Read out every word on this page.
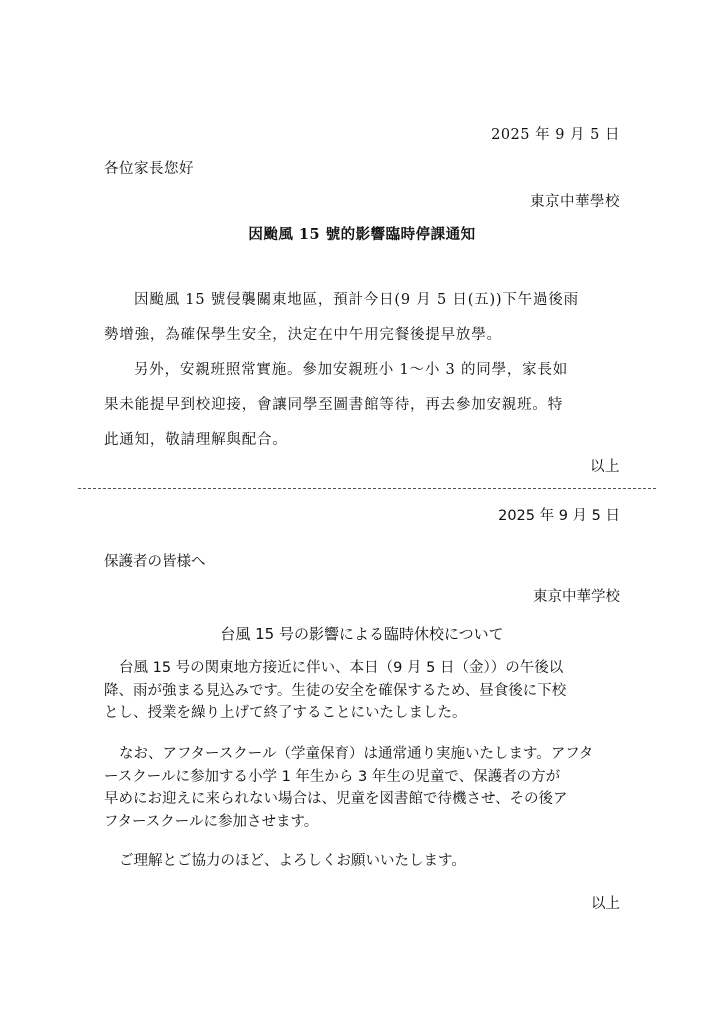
2025 年 9 月 5 日
各位家長您好
東京中華學校
因颱風 15 號的影響臨時停課通知
因颱風 15 號侵襲關東地區，預計今日(9 月 5 日(五))下午過後雨
勢增強，為確保學生安全，決定在中午用完餐後提早放學。
另外，安親班照常實施。參加安親班小 1～小 3 的同學，家長如
果未能提早到校迎接，會讓同學至圖書館等待，再去參加安親班。特
此通知，敬請理解與配合。
以上
2025 年 9 月 5 日
保護者の皆様へ
東京中華学校
台風 15 号の影響による臨時休校について
台風 15 号の関東地方接近に伴い、本日（9 月 5 日（金））の午後以
降、雨が強まる見込みです。生徒の安全を確保するため、昼食後に下校
とし、授業を繰り上げて終了することにいたしました。
なお、アフタースクール（学童保育）は通常通り実施いたします。アフタ
ースクールに参加する小学 1 年生から 3 年生の児童で、保護者の方が
早めにお迎えに来られない場合は、児童を図書館で待機させ、その後ア
フタースクールに参加させます。
ご理解とご協力のほど、よろしくお願いいたします。
以上
